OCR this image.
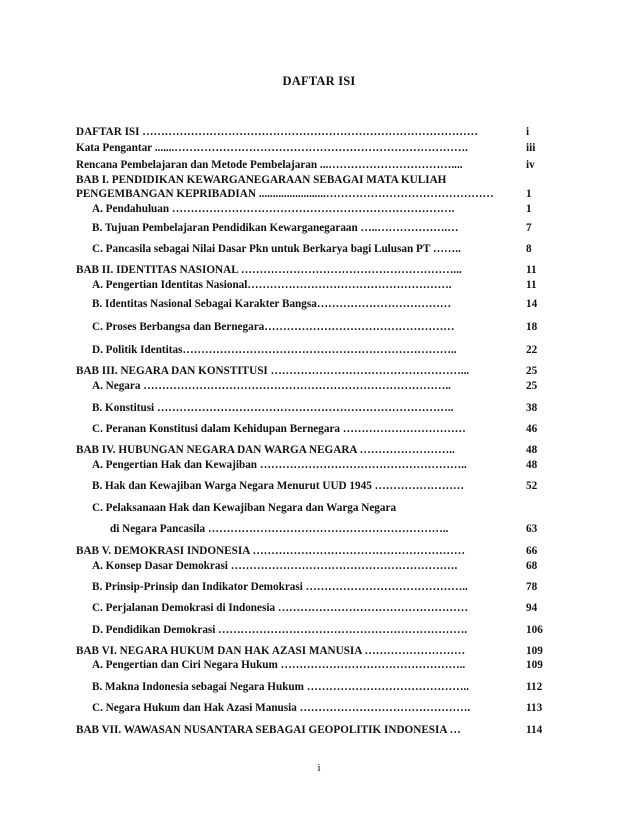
DAFTAR ISI
DAFTAR ISI ………………………………………………………………………………	i
Kata Pengantar .......…………………………………………………………………….	iii
Rencana Pembelajaran dan Metode Pembelajaran ...……………………………....	iv
BAB I. PENDIDIKAN KEWARGANEGARAAN SEBAGAI MATA KULIAH
PENGEMBANGAN KEPRIBADIAN ........................………………………………………	1
A. Pendahuluan ………………………………………………………………….	1
B. Tujuan Pembelajaran Pendidikan Kewarganegaraan …..……………….…	7
C. Pancasila sebagai Nilai Dasar Pkn untuk Berkarya bagi Lulusan PT ……..	8
BAB II. IDENTITAS NASIONAL …………………………………………………...	11
A. Pengertian Identitas Nasional……………………………………………….	11
B. Identitas Nasional Sebagai Karakter Bangsa………………………………	14
C. Proses Berbangsa dan Bernegara……………………………………………	18
D. Politik Identitas………………………………………………………………..	22
BAB III. NEGARA DAN KONSTITUSI ……………………………………………...	25
A. Negara ………………………………………………………………………..	25
B. Konstitusi ……………………………………………………………………..	38
C. Peranan Konstitusi dalam Kehidupan Bernegara ……………………………	46
BAB IV. HUBUNGAN NEGARA DAN WARGA NEGARA ……………………..	48
A. Pengertian Hak dan Kewajiban ………………………………………………..	48
B. Hak dan Kewajiban Warga Negara Menurut UUD 1945 ……………………	52
C. Pelaksanaan Hak dan Kewajiban Negara dan Warga Negara
di Negara Pancasila ………………………………………………………..	63
BAB V. DEMOKRASI INDONESIA …………………………………………………	66
A. Konsep Dasar Demokrasi …………………………………………………….	68
B. Prinsip-Prinsip dan Indikator Demokrasi ……………………………………..	78
C. Perjalanan Demokrasi di Indonesia ……………………………………………	94
D. Pendidikan Demokrasi ………………………………………………………….	106
BAB VI. NEGARA HUKUM DAN HAK AZASI MANUSIA ………………………	109
A. Pengertian dan Ciri Negara Hukum …………………………………………..	109
B. Makna Indonesia sebagai Negara Hukum ……………………………………..	112
C. Negara Hukum dan Hak Azasi Manusia ……………………………………….	113
BAB VII. WAWASAN NUSANTARA SEBAGAI GEOPOLITIK INDONESIA …	114
i
